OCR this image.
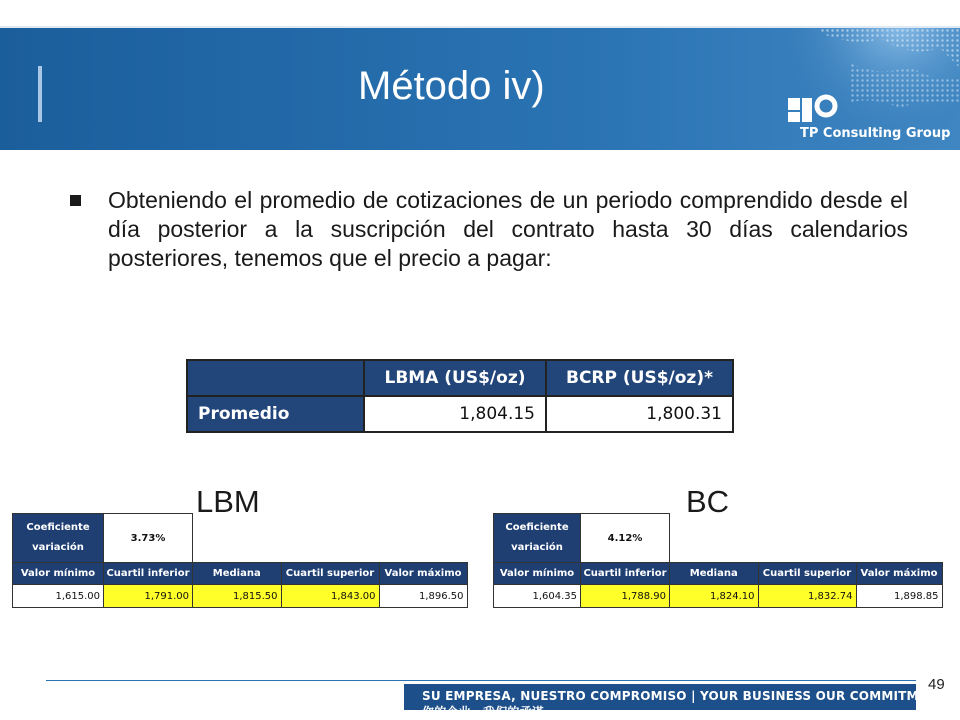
Método iv)
TP Consulting Group
Obteniendo el promedio de cotizaciones de un periodo comprendido desde el día posterior a la suscripción del contrato hasta 30 días calendarios posteriores, tenemos que el precio a pagar:
	LBMA (US$/oz)	BCRP (US$/oz)*
Promedio	1,804.15	1,800.31
LBM	BC
Coeficiente
variación	3.73%			
Valor mínimo	Cuartil inferior	Mediana	Cuartil superior	Valor máximo
1,615.00	1,791.00	1,815.50	1,843.00	1,896.50
Coeficiente
variación	4.12%			
Valor mínimo	Cuartil inferior	Mediana	Cuartil superior	Valor máximo
1,604.35	1,788.90	1,824.10	1,832.74	1,898.85
49
SU EMPRESA, NUESTRO COMPROMISO | YOUR BUSINESS OUR COMMITMENT | 你的企业，我们的承诺
